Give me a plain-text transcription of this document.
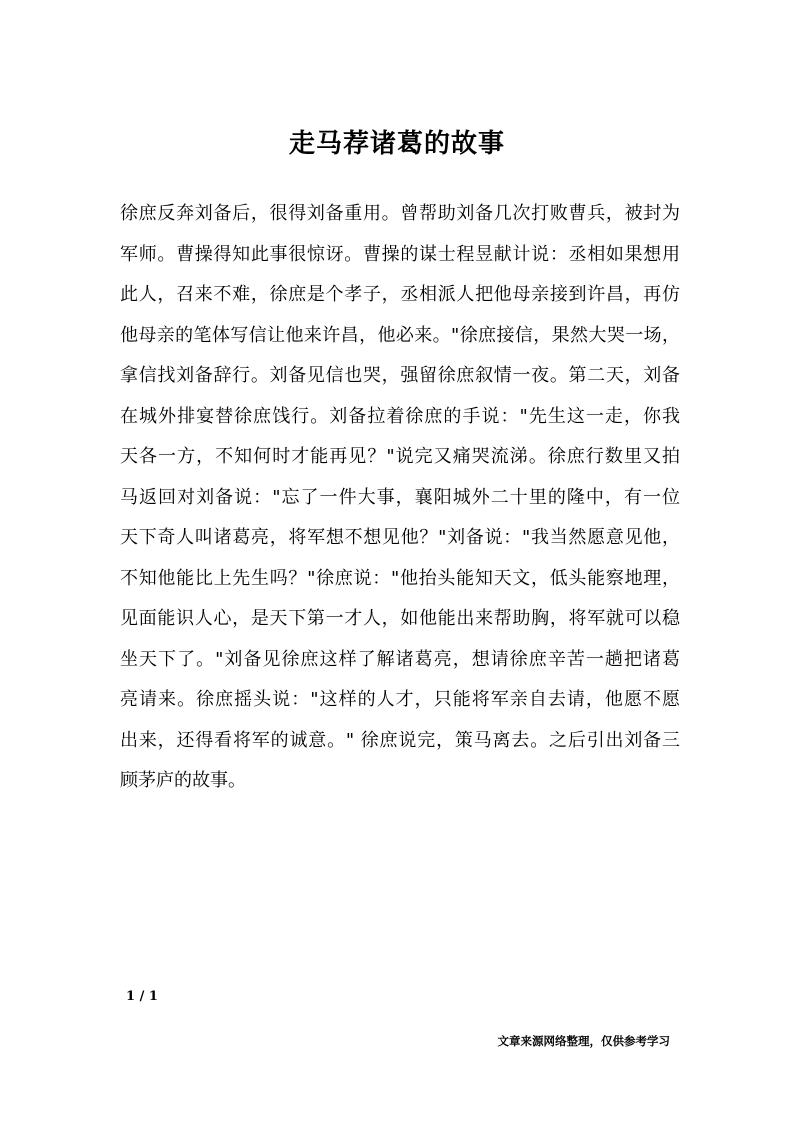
走马荐诸葛的故事
徐庶反奔刘备后，很得刘备重用。曾帮助刘备几次打败曹兵，被封为
军师。曹操得知此事很惊讶。曹操的谋士程昱献计说：丞相如果想用
此人，召来不难，徐庶是个孝子，丞相派人把他母亲接到许昌，再仿
他母亲的笔体写信让他来许昌，他必来。"徐庶接信，果然大哭一场，
拿信找刘备辞行。刘备见信也哭，强留徐庶叙情一夜。第二天，刘备
在城外排宴替徐庶饯行。刘备拉着徐庶的手说："先生这一走，你我
天各一方，不知何时才能再见？"说完又痛哭流涕。徐庶行数里又拍
马返回对刘备说："忘了一件大事，襄阳城外二十里的隆中，有一位
天下奇人叫诸葛亮，将军想不想见他？"刘备说："我当然愿意见他，
不知他能比上先生吗？"徐庶说："他抬头能知天文，低头能察地理，
见面能识人心，是天下第一才人，如他能出来帮助胸，将军就可以稳
坐天下了。"刘备见徐庶这样了解诸葛亮，想请徐庶辛苦一趟把诸葛
亮请来。徐庶摇头说："这样的人才，只能将军亲自去请，他愿不愿
出来，还得看将军的诚意。" 徐庶说完，策马离去。之后引出刘备三
顾茅庐的故事。
1 / 1
文章来源网络整理，仅供参考学习
